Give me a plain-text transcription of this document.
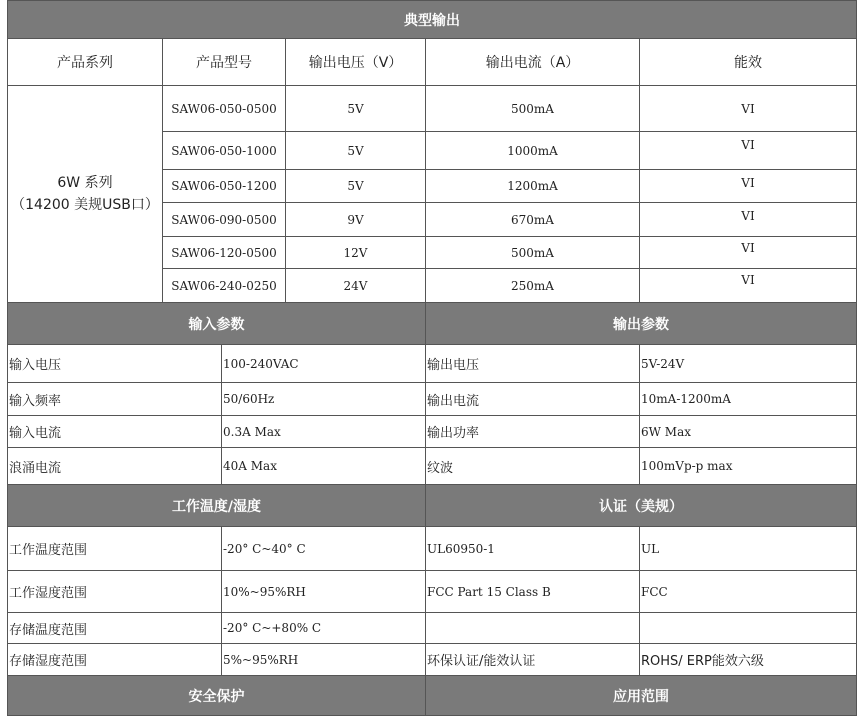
典型输出					
产品系列	产品型号		输出电压（V）	输出电流（A）	能效

6W 系列
（14200 美规USB口）	SAW06-050-0500		5V	500mA	VI
	SAW06-050-1000		5V	1000mA	VI
	SAW06-050-1200		5V	1200mA	VI
	SAW06-090-0500		9V	670mA	VI
	SAW06-120-0500		12V	500mA	VI
	SAW06-240-0250		24V	250mA	VI
输入参数				输出参数	
输入电压		100-240VAC		输出电压	5V-24V
输入频率		50/60Hz		输出电流	10mA-1200mA
输入电流		0.3A Max		输出功率	6W Max
浪涌电流		40A Max		纹波	100mVp-p max
工作温度/湿度				认证（美规）	
工作温度范围		-20° C~40° C		UL60950-1	UL
工作湿度范围		10%~95%RH		FCC Part 15 Class B	FCC
存储温度范围		-20° C~+80% C			
存储湿度范围		5%~95%RH		环保认证/能效认证	ROHS/ ERP能效六级
安全保护				应用范围	
